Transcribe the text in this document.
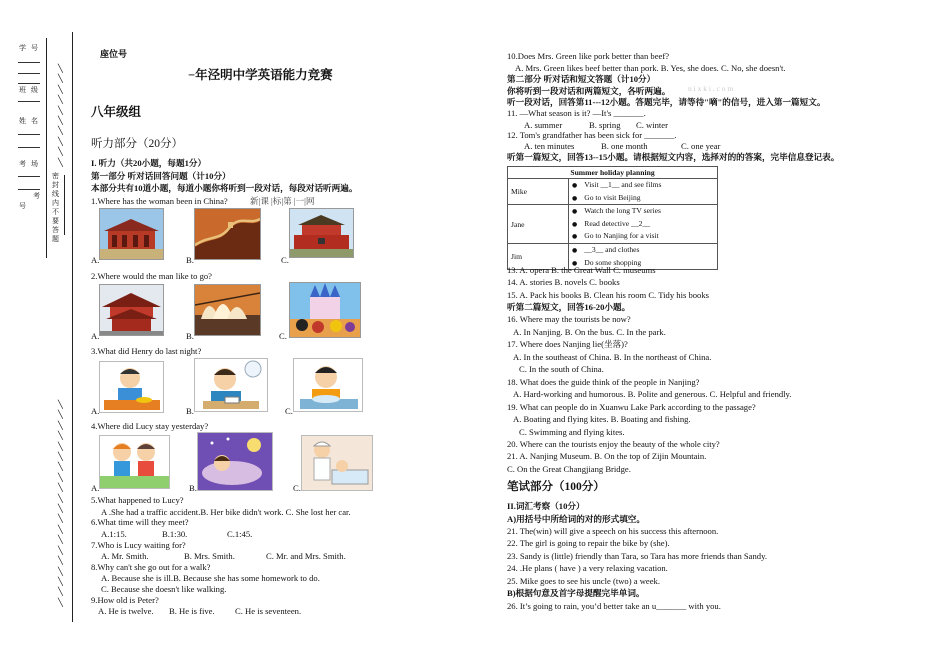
学 号
班 级
姓 名
考 场
考
号
密封线内不要答题
╲
╲
╲
╲
╲
╲
╲
╲
╲
╲
╲
╲
╲
╲
╲
╲
╲
╲
╲
╲
╲
╲
╲
╲
╲
╲
╲
╲
╲
╲
座位号
−年泾明中学英语能力竞赛
八年级组
听力部分（20分）
I. 听力（共20小题，每题1分）
第一部分 听对话回答问题（计10分）
本部分共有10道小题，每道小题你将听到一段对话，每段对话听两遍。
1.Where has the woman been in China?	新|课 |标|第 |一|网
A.	B.	C.
2.Where would the man like to go?
A.	B.	C.
3.What did Henry do last night?
A.	B.	C.
4.Where did Lucy stay yesterday?
A.	B.	C.
5.What happened to Lucy?
A .She had a traffic accident.B. Her bike didn't work. C. She lost her car.
6.What time will they meet?
A.1:15.	B.1:30.	C.1:45.
7.Who is Lucy waiting for?
A. Mr. Smith.	B. Mrs. Smith.	C. Mr. and Mrs. Smith.
8.Why can't she go out for a walk?
A. Because she is ill.B. Because she has some homework to do.
C. Because she doesn't like walking.
9.How old is Peter?
A. He is twelve. B. He is five. C. He is seventeen.
10.Does Mrs. Green like pork better than beef?
A. Mrs. Green likes beef better than pork. B. Yes, she does. C. No, she doesn't.
n i x k i . c o m
第二部分 听对话和短文答题（计10分）
你将听到一段对话和两篇短文，各听两遍。
听一段对话，回答第11---12小题。答题完毕，请等待"嘀"的信号，进入第一篇短文。
11. —What season is it? —It's _______.
A. summer	B. spring C. winter
12. Tom's grandfather has been sick for _______.
A. ten minutes	B. one month	C. one year
听第一篇短文，回答13--15小题。请根据短文内容，选择对的的答案，完毕信息登记表。
Summer holiday planning	
Mike	● Visit __1__ and see films
● Go to visit Beijing

Jane	● Watch the long TV series
● Read detective __2__
● Go to Nanjing for a visit

Jim	● __3__ and clothes
● Do some shopping
13. A. opera B. the Great Wall C. museums
14. A. stories B. novels C. books
15. A. Pack his books B. Clean his room C. Tidy his books
听第二篇短文，回答16-20小题。
16. Where may the tourists be now?
A. In Nanjing. B. On the bus. C. In the park.
17. Where does Nanjing lie(坐落)?
A. In the southeast of China. B. In the northeast of China.
C. In the south of China.
18. What does the guide think of the people in Nanjing?
A. Hard-working and humorous. B. Polite and generous. C. Helpful and friendly.
19. What can people do in Xuanwu Lake Park according to the passage?
A. Boating and flying kites. B. Boating and fishing.
C. Swimming and flying kites.
20. Where can the tourists enjoy the beauty of the whole city?
21. A. Nanjing Museum. B. On the top of Zijin Mountain.
C. On the Great Changjiang Bridge.
笔试部分（100分）
II.词汇考察（10分）
A)用括号中所给词的对的形式填空。
21. The(win) will give a speech on his success this afternoon.
22. The girl is going to repair the bike by (she).
23. Sandy is (little) friendly than Tara, so Tara has more friends than Sandy.
24. .He plans ( have ) a very relaxing vacation.
25. Mike goes to see his uncle (two) a week.
B)根据句意及首字母提醒完毕单词。
26. It’s going to rain, you’d better take an u_______ with you.
